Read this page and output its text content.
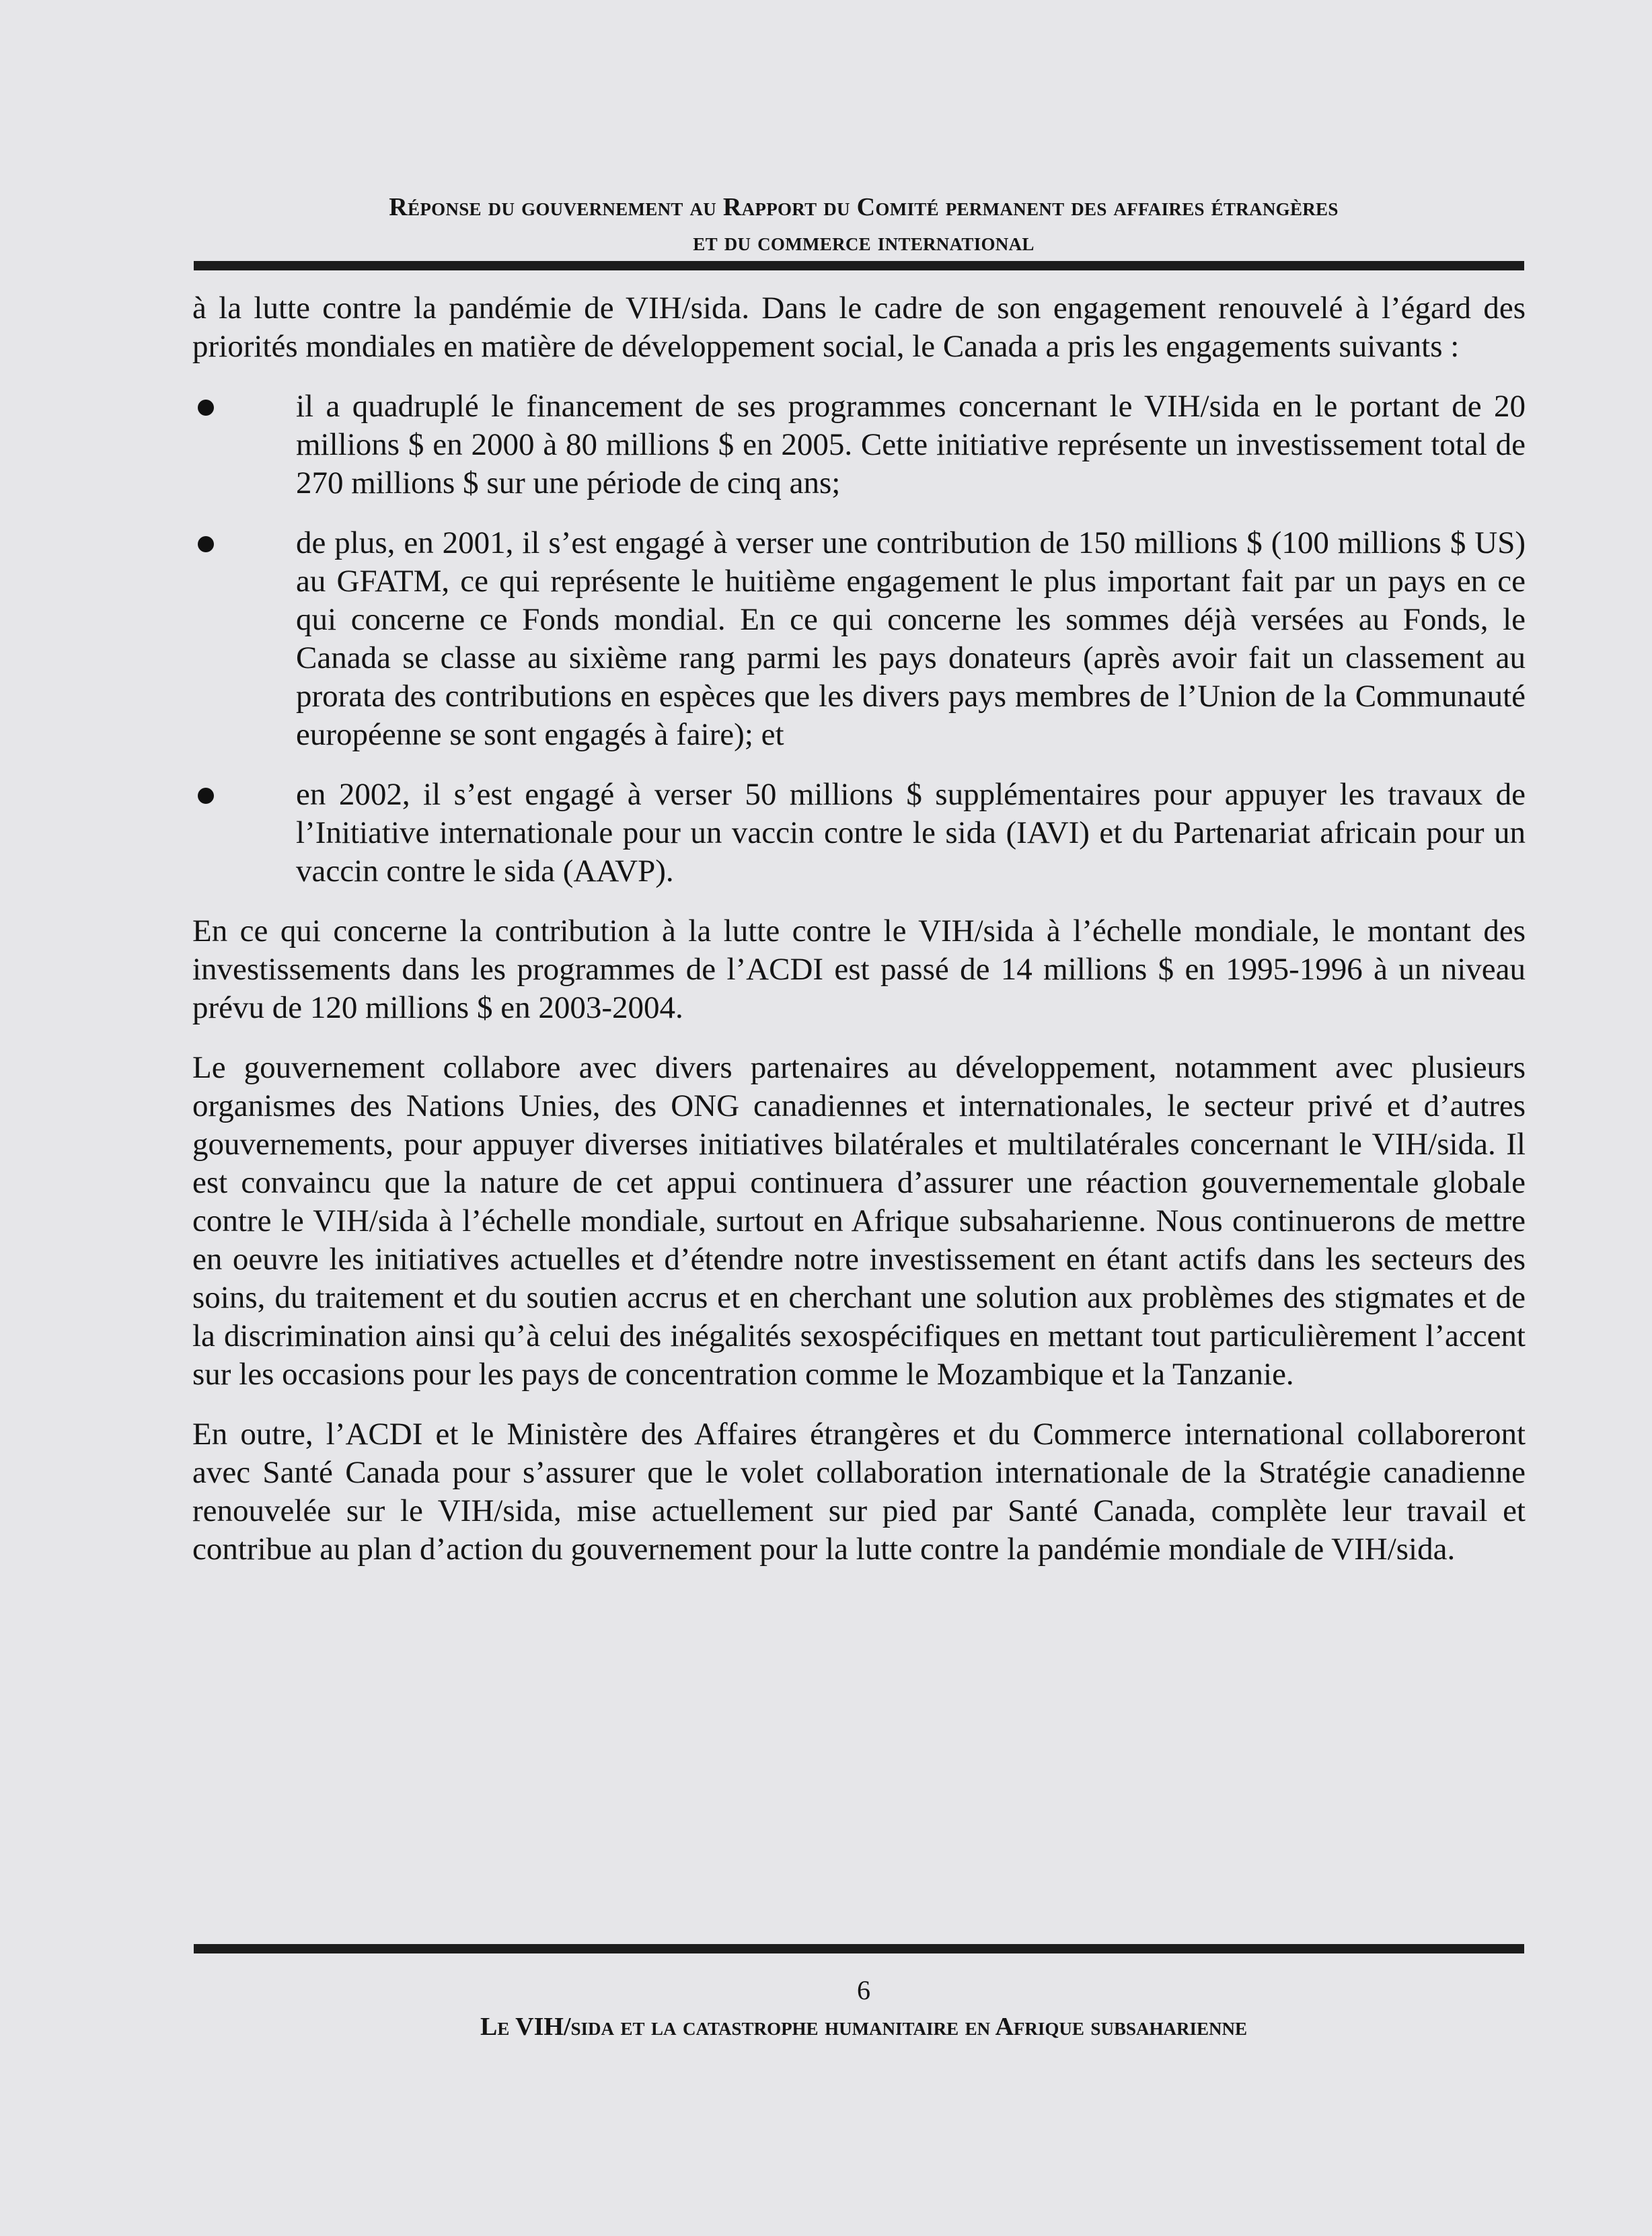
Réponse du gouvernement au Rapport du Comité permanent des affaires étrangères
et du commerce international

à la lutte contre la pandémie de VIH/sida. Dans le cadre de son engagement renouvelé à l’égard des priorités mondiales en matière de développement social, le Canada a pris les engagements suivants :

il a quadruplé le financement de ses programmes concernant le VIH/sida en le portant de 20 millions $ en 2000 à 80 millions $ en 2005. Cette initiative représente un investissement total de 270 millions $ sur une période de cinq ans;
de plus, en 2001, il s’est engagé à verser une contribution de 150 millions $ (100 millions $ US) au GFATM, ce qui représente le huitième engagement le plus important fait par un pays en ce qui concerne ce Fonds mondial. En ce qui concerne les sommes déjà versées au Fonds, le Canada se classe au sixième rang parmi les pays donateurs (après avoir fait un classement au prorata des contributions en espèces que les divers pays membres de l’Union de la Communauté européenne se sont engagés à faire); et
en 2002, il s’est engagé à verser 50 millions $ supplémentaires pour appuyer les travaux de l’Initiative internationale pour un vaccin contre le sida (IAVI) et du Partenariat africain pour un vaccin contre le sida (AAVP).

En ce qui concerne la contribution à la lutte contre le VIH/sida à l’échelle mondiale, le montant des investissements dans les programmes de l’ACDI est passé de 14 millions $ en 1995-1996 à un niveau prévu de 120 millions $ en 2003-2004.

Le gouvernement collabore avec divers partenaires au développement, notamment avec plusieurs organismes des Nations Unies, des ONG canadiennes et internationales, le secteur privé et d’autres gouvernements, pour appuyer diverses initiatives bilatérales et multilatérales concernant le VIH/sida. Il est convaincu que la nature de cet appui continuera d’assurer une réaction gouvernementale globale contre le VIH/sida à l’échelle mondiale, surtout en Afrique subsaharienne. Nous continuerons de mettre en oeuvre les initiatives actuelles et d’étendre notre investissement en étant actifs dans les secteurs des soins, du traitement et du soutien accrus et en cherchant une solution aux problèmes des stigmates et de la discrimination ainsi qu’à celui des inégalités sexospécifiques en mettant tout particulièrement l’accent sur les occasions pour les pays de concentration comme le Mozambique et la Tanzanie.

En outre, l’ACDI et le Ministère des Affaires étrangères et du Commerce international collaboreront avec Santé Canada pour s’assurer que le volet collaboration internationale de la Stratégie canadienne renouvelée sur le VIH/sida, mise actuellement sur pied par Santé Canada, complète leur travail et contribue au plan d’action du gouvernement pour la lutte contre la pandémie mondiale de VIH/sida.

6
Le VIH/sida et la catastrophe humanitaire en Afrique subsaharienne
